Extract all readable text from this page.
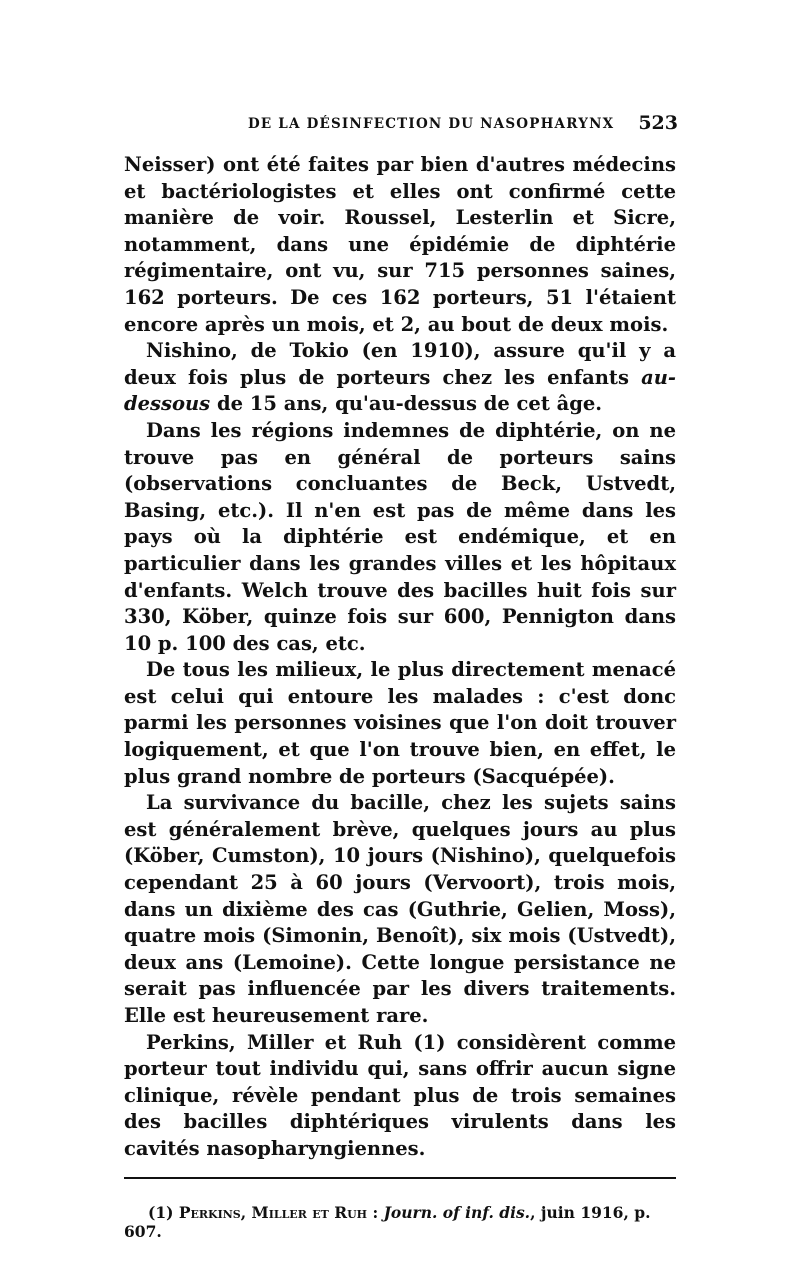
DE LA DÉSINFECTION DU NASOPHARYNX 523

Neisser) ont été faites par bien d'autres médecins et bactériologistes et elles ont confirmé cette manière de voir. Roussel, Lesterlin et Sicre, notamment, dans une épidémie de diphtérie régimentaire, ont vu, sur 715 personnes saines, 162 porteurs. De ces 162 porteurs, 51 l'étaient encore après un mois, et 2, au bout de deux mois.

Nishino, de Tokio (en 1910), assure qu'il y a deux fois plus de porteurs chez les enfants au-dessous de 15 ans, qu'au-dessus de cet âge.

Dans les régions indemnes de diphtérie, on ne trouve pas en général de porteurs sains (observations concluantes de Beck, Ustvedt, Basing, etc.). Il n'en est pas de même dans les pays où la diphtérie est endémique, et en particulier dans les grandes villes et les hôpitaux d'enfants. Welch trouve des bacilles huit fois sur 330, Köber, quinze fois sur 600, Pennigton dans 10 p. 100 des cas, etc.

De tous les milieux, le plus directement menacé est celui qui entoure les malades : c'est donc parmi les personnes voisines que l'on doit trouver logiquement, et que l'on trouve bien, en effet, le plus grand nombre de porteurs (Sacquépée).

La survivance du bacille, chez les sujets sains est généralement brève, quelques jours au plus (Köber, Cumston), 10 jours (Nishino), quelquefois cependant 25 à 60 jours (Vervoort), trois mois, dans un dixième des cas (Guthrie, Gelien, Moss), quatre mois (Simonin, Benoît), six mois (Ustvedt), deux ans (Lemoine). Cette longue persistance ne serait pas influencée par les divers traitements. Elle est heureusement rare.

Perkins, Miller et Ruh (1) considèrent comme porteur tout individu qui, sans offrir aucun signe clinique, révèle pendant plus de trois semaines des bacilles diphtériques virulents dans les cavités nasopharyngiennes.

(1) Perkins, Miller et Ruh : Journ. of inf. dis., juin 1916, p. 607.
